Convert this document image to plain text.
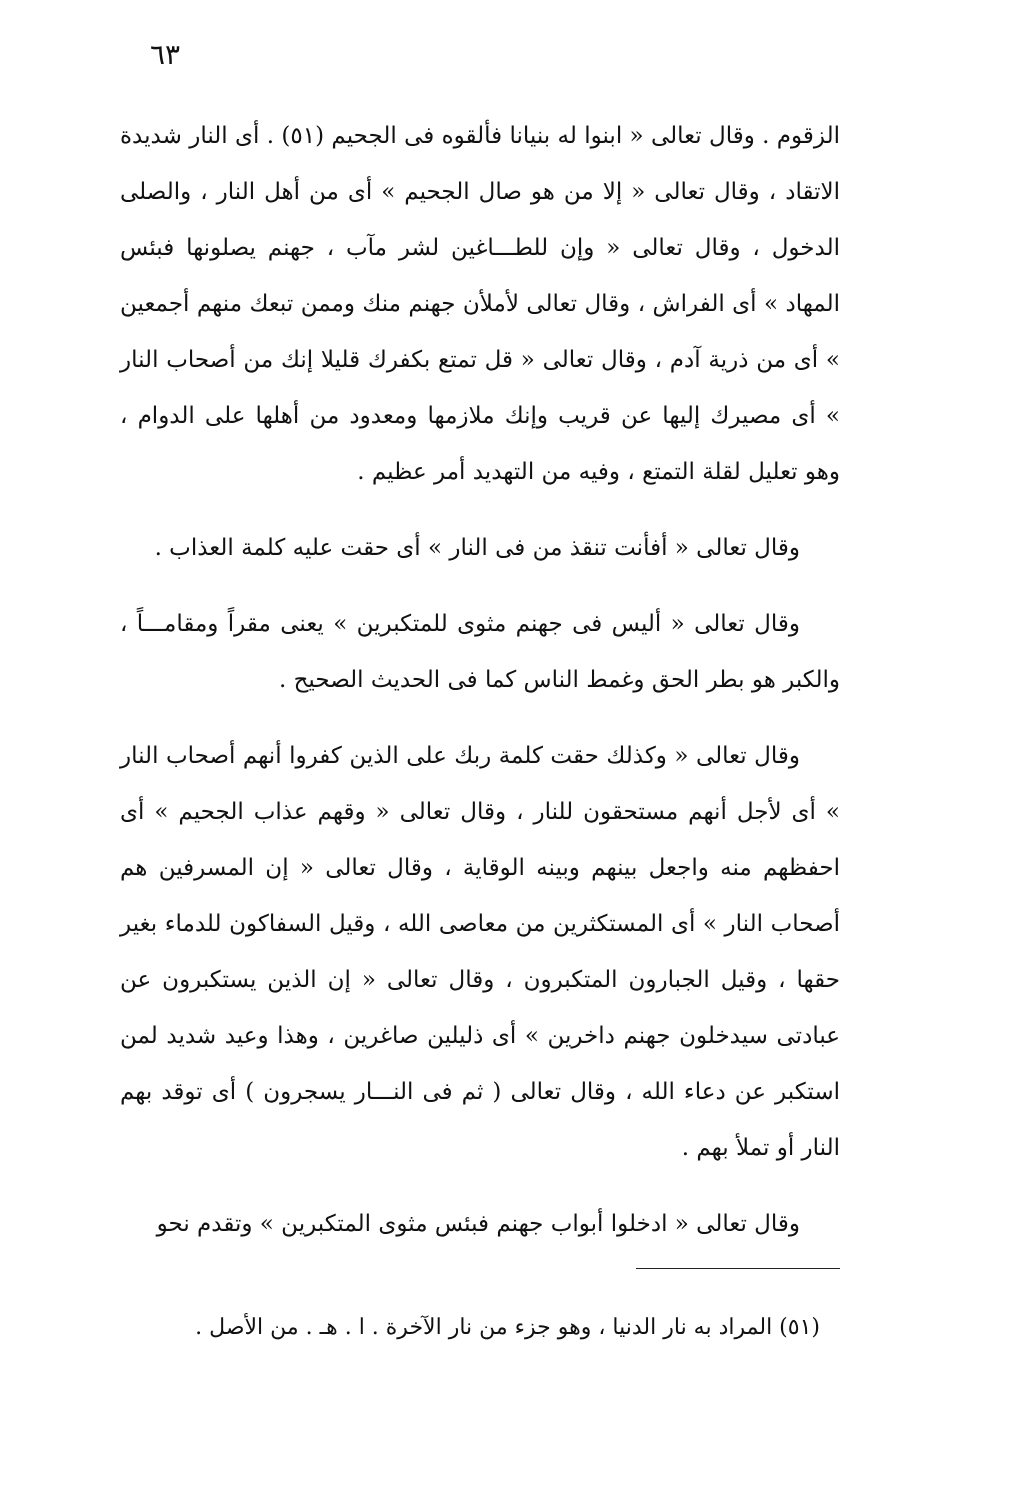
٦٣

الزقوم . وقال تعالى « ابنوا له بنيانا فألقوه فى الجحيم (٥١) . أى النار شديدة الاتقاد ، وقال تعالى « إلا من هو صال الجحيم » أى من أهل النار ، والصلى الدخول ، وقال تعالى « وإن للطـــاغين لشر مآب ، جهنم يصلونها فبئس المهاد » أى الفراش ، وقال تعالى لأملأن جهنم منك وممن تبعك منهم أجمعين » أى من ذرية آدم ، وقال تعالى « قل تمتع بكفرك قليلا إنك من أصحاب النار » أى مصيرك إليها عن قريب وإنك ملازمها ومعدود من أهلها على الدوام ، وهو تعليل لقلة التمتع ، وفيه من التهديد أمر عظيم .

وقال تعالى « أفأنت تنقذ من فى النار » أى حقت عليه كلمة العذاب .

وقال تعالى « أليس فى جهنم مثوى للمتكبرين » يعنى مقراً ومقامـــاً ، والكبر هو بطر الحق وغمط الناس كما فى الحديث الصحيح .

وقال تعالى « وكذلك حقت كلمة ربك على الذين كفروا أنهم أصحاب النار » أى لأجل أنهم مستحقون للنار ، وقال تعالى « وقهم عذاب الجحيم » أى احفظهم منه واجعل بينهم وبينه الوقاية ، وقال تعالى « إن المسرفين هم أصحاب النار » أى المستكثرين من معاصى الله ، وقيل السفاكون للدماء بغير حقها ، وقيل الجبارون المتكبرون ، وقال تعالى « إن الذين يستكبرون عن عبادتى سيدخلون جهنم داخرين » أى ذليلين صاغرين ، وهذا وعيد شديد لمن استكبر عن دعاء الله ، وقال تعالى ( ثم فى النـــار يسجرون ) أى توقد بهم النار أو تملأ بهم .

وقال تعالى « ادخلوا أبواب جهنم فبئس مثوى المتكبرين » وتقدم نحو

(٥١) المراد به نار الدنيا ، وهو جزء من نار الآخرة . ا . هـ . من الأصل .
